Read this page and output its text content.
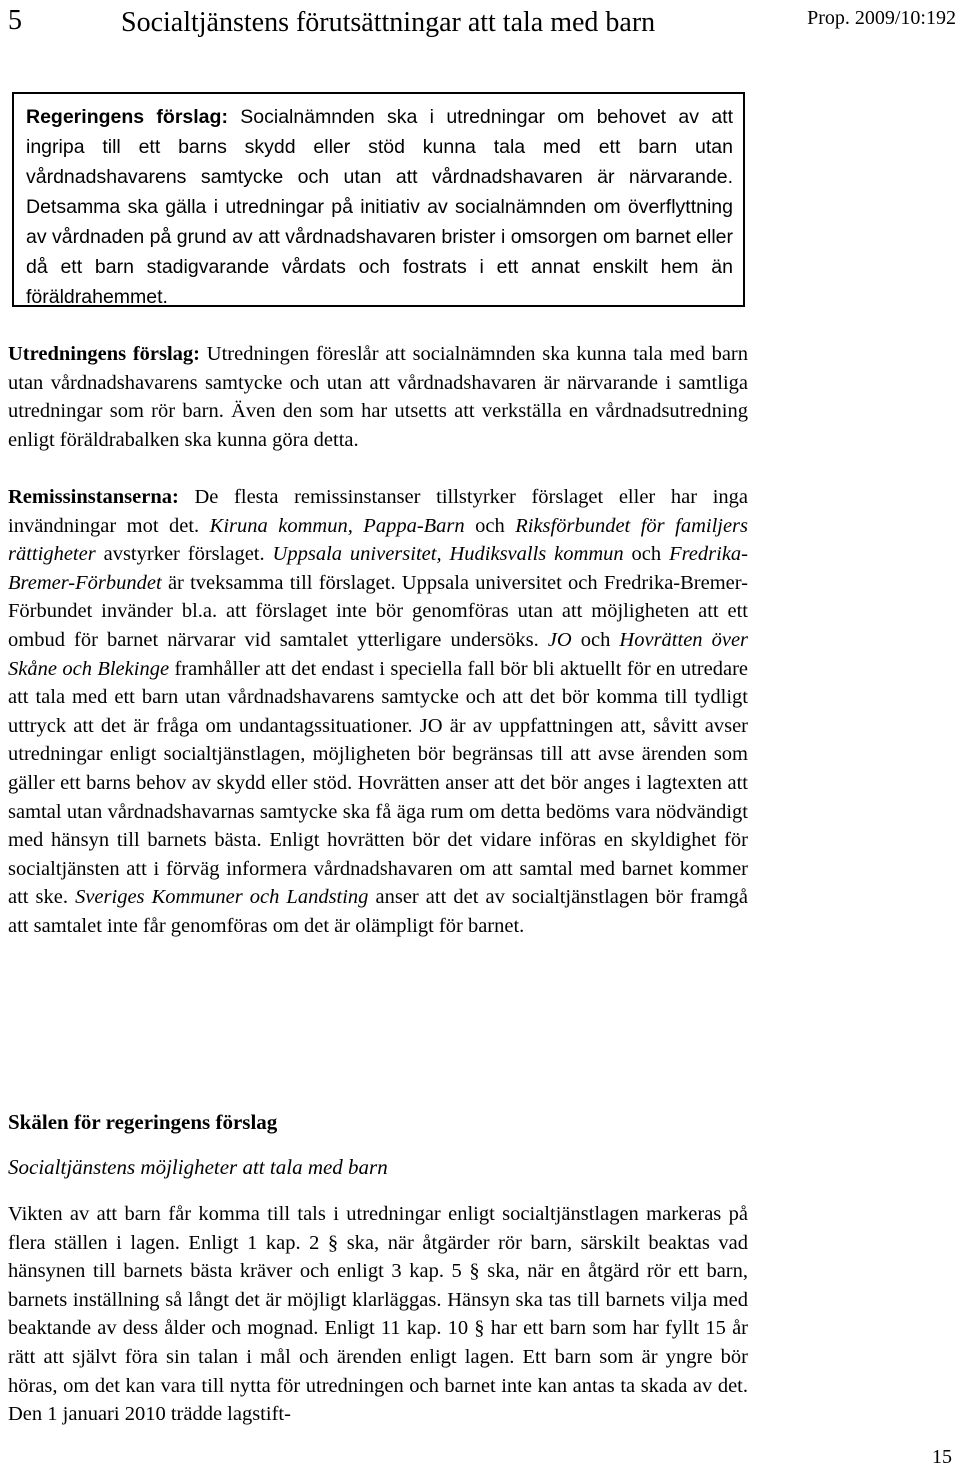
5	Socialtjänstens förutsättningar att tala med barn	Prop. 2009/10:192
Regeringens förslag: Socialnämnden ska i utredningar om behovet av att ingripa till ett barns skydd eller stöd kunna tala med ett barn utan vårdnadshavarens samtycke och utan att vårdnadshavaren är närvarande. Detsamma ska gälla i utredningar på initiativ av socialnämnden om överflyttning av vårdnaden på grund av att vårdnadshavaren brister i omsorgen om barnet eller då ett barn stadigvarande vårdats och fostrats i ett annat enskilt hem än föräldrahemmet.

Utredningens förslag: Utredningen föreslår att socialnämnden ska kunna tala med barn utan vårdnadshavarens samtycke och utan att vårdnadshavaren är närvarande i samtliga utredningar som rör barn. Även den som har utsetts att verkställa en vårdnadsutredning enligt föräldrabalken ska kunna göra detta.

Remissinstanserna: De flesta remissinstanser tillstyrker förslaget eller har inga invändningar mot det. Kiruna kommun, Pappa-Barn och Riksförbundet för familjers rättigheter avstyrker förslaget. Uppsala universitet, Hudiksvalls kommun och Fredrika-Bremer-Förbundet är tveksamma till förslaget. Uppsala universitet och Fredrika-Bremer-Förbundet invänder bl.a. att förslaget inte bör genomföras utan att möjligheten att ett ombud för barnet närvarar vid samtalet ytterligare undersöks. JO och Hovrätten över Skåne och Blekinge framhåller att det endast i speciella fall bör bli aktuellt för en utredare att tala med ett barn utan vårdnadshavarens samtycke och att det bör komma till tydligt uttryck att det är fråga om undantagssituationer. JO är av uppfattningen att, såvitt avser utredningar enligt socialtjänstlagen, möjligheten bör begränsas till att avse ärenden som gäller ett barns behov av skydd eller stöd. Hovrätten anser att det bör anges i lagtexten att samtal utan vårdnadshavarnas samtycke ska få äga rum om detta bedöms vara nödvändigt med hänsyn till barnets bästa. Enligt hovrätten bör det vidare införas en skyldighet för socialtjänsten att i förväg informera vårdnadshavaren om att samtal med barnet kommer att ske. Sveriges Kommuner och Landsting anser att det av socialtjänstlagen bör framgå att samtalet inte får genomföras om det är olämpligt för barnet.

Skälen för regeringens förslag
Socialtjänstens möjligheter att tala med barn

Vikten av att barn får komma till tals i utredningar enligt socialtjänstlagen markeras på flera ställen i lagen. Enligt 1 kap. 2 § ska, när åtgärder rör barn, särskilt beaktas vad hänsynen till barnets bästa kräver och enligt 3 kap. 5 § ska, när en åtgärd rör ett barn, barnets inställning så långt det är möjligt klarläggas. Hänsyn ska tas till barnets vilja med beaktande av dess ålder och mognad. Enligt 11 kap. 10 § har ett barn som har fyllt 15 år rätt att självt föra sin talan i mål och ärenden enligt lagen. Ett barn som är yngre bör höras, om det kan vara till nytta för utredningen och barnet inte kan antas ta skada av det. Den 1 januari 2010 trädde lagstift-

15
